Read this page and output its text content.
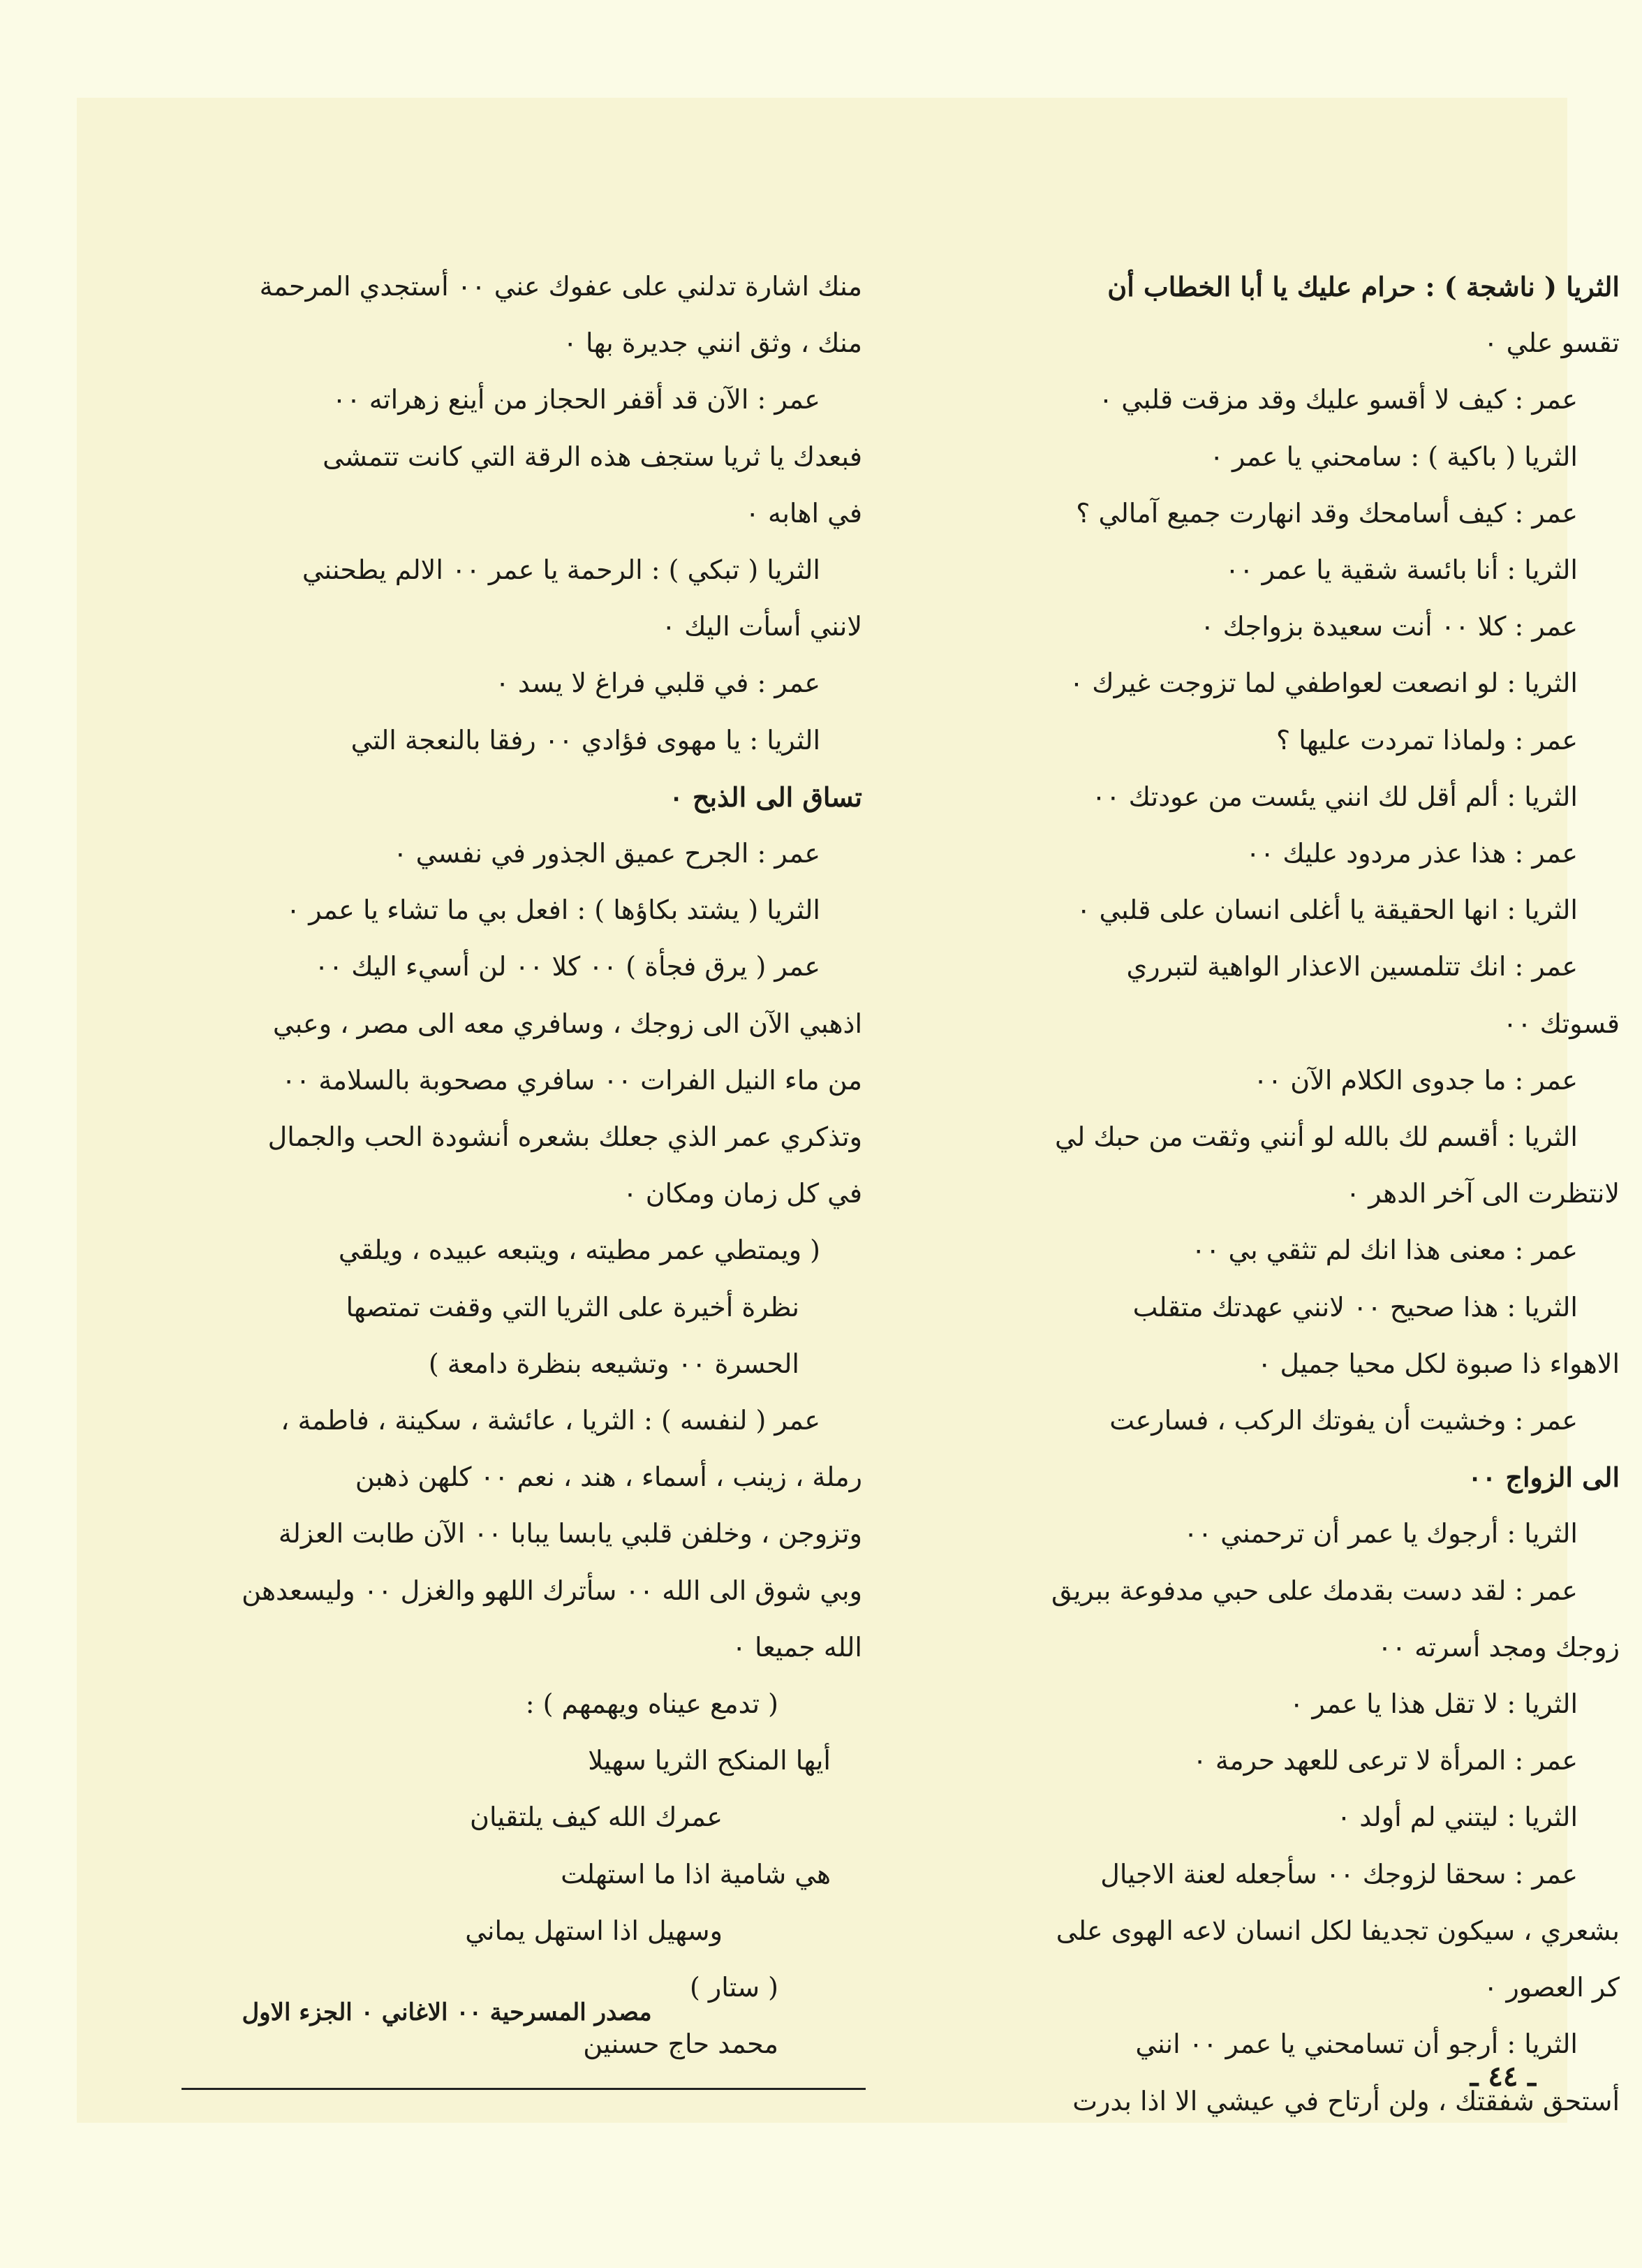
الثريا ( ناشجة ) : حرام عليك يا أبا الخطاب أن

تقسو علي ٠

عمر : كيف لا أقسو عليك وقد مزقت قلبي ٠

الثريا ( باكية ) : سامحني يا عمر ٠

عمر : كيف أسامحك وقد انهارت جميع آمالي ؟

الثريا : أنا بائسة شقية يا عمر ٠٠

عمر : كلا ٠٠ أنت سعيدة بزواجك ٠

الثريا : لو انصعت لعواطفي لما تزوجت غيرك ٠

عمر : ولماذا تمردت عليها ؟

الثريا : ألم أقل لك انني يئست من عودتك ٠٠

عمر : هذا عذر مردود عليك ٠٠

الثريا : انها الحقيقة يا أغلى انسان على قلبي ٠

عمر : انك تتلمسين الاعذار الواهية لتبرري

قسوتك ٠٠

عمر : ما جدوى الكلام الآن ٠٠

الثريا : أقسم لك بالله لو أنني وثقت من حبك لي

لانتظرت الى آخر الدهر ٠

عمر : معنى هذا انك لم تثقي بي ٠٠

الثريا : هذا صحيح ٠٠ لانني عهدتك متقلب

الاهواء ذا صبوة لكل محيا جميل ٠

عمر : وخشيت أن يفوتك الركب ، فسارعت

الى الزواج ٠٠

الثريا : أرجوك يا عمر أن ترحمني ٠٠

عمر : لقد دست بقدمك على حبي مدفوعة ببريق

زوجك ومجد أسرته ٠٠

الثريا : لا تقل هذا يا عمر ٠

عمر : المرأة لا ترعى للعهد حرمة ٠

الثريا : ليتني لم أولد ٠

عمر : سحقا لزوجك ٠٠ سأجعله لعنة الاجيال

بشعري ، سيكون تجديفا لكل انسان لاعه الهوى على

كر العصور ٠

الثريا : أرجو أن تسامحني يا عمر ٠٠ انني

أستحق شفقتك ، ولن أرتاح في عيشي الا اذا بدرت

منك اشارة تدلني على عفوك عني ٠٠ أستجدي المرحمة

منك ، وثق انني جديرة بها ٠

عمر : الآن قد أقفر الحجاز من أينع زهراته ٠٠

فبعدك يا ثريا ستجف هذه الرقة التي كانت تتمشى

في اهابه ٠

الثريا ( تبكي ) : الرحمة يا عمر ٠٠ الالم يطحنني

لانني أسأت اليك ٠

عمر : في قلبي فراغ لا يسد ٠

الثريا : يا مهوى فؤادي ٠٠ رفقا بالنعجة التي

تساق الى الذبح ٠

عمر : الجرح عميق الجذور في نفسي ٠

الثريا ( يشتد بكاؤها ) : افعل بي ما تشاء يا عمر ٠

عمر ( يرق فجأة ) ٠٠ كلا ٠٠ لن أسيء اليك ٠٠

اذهبي الآن الى زوجك ، وسافري معه الى مصر ، وعبي

من ماء النيل الفرات ٠٠ سافري مصحوبة بالسلامة ٠٠

وتذكري عمر الذي جعلك بشعره أنشودة الحب والجمال

في كل زمان ومكان ٠

( ويمتطي عمر مطيته ، ويتبعه عبيده ، ويلقي

نظرة أخيرة على الثريا التي وقفت تمتصها

الحسرة ٠٠ وتشيعه بنظرة دامعة )

عمر ( لنفسه ) : الثريا ، عائشة ، سكينة ، فاطمة ،

رملة ، زينب ، أسماء ، هند ، نعم ٠٠ كلهن ذهبن

وتزوجن ، وخلفن قلبي يابسا يبابا ٠٠ الآن طابت العزلة

وبي شوق الى الله ٠٠ سأترك اللهو والغزل ٠٠ وليسعدهن

الله جميعا ٠

( تدمع عيناه ويهمهم ) :

أيها المنكح الثريا سهيلا

عمرك الله كيف يلتقيان

هي شامية اذا ما استهلت

وسهيل اذا استهل يماني

( ستار )

محمد حاج حسنين

مصدر المسرحية ٠٠ الاغاني ٠ الجزء الاول
ـ ٤٤ ـ
